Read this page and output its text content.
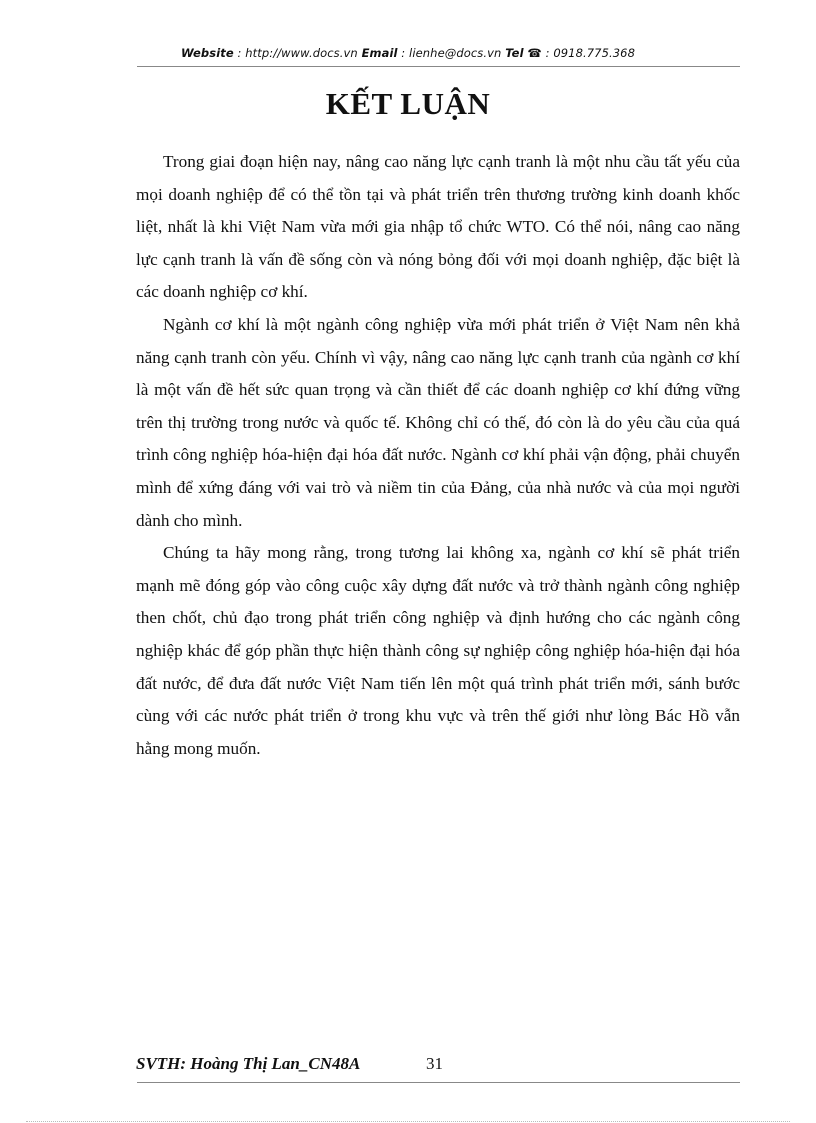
Website : http://www.docs.vn Email : lienhe@docs.vn Tel ☎ : 0918.775.368
KẾT LUẬN

Trong giai đoạn hiện nay, nâng cao năng lực cạnh tranh là một nhu cầu tất yếu của mọi doanh nghiệp để có thể tồn tại và phát triển trên thương trường kinh doanh khốc liệt, nhất là khi Việt Nam vừa mới gia nhập tổ chức WTO. Có thể nói, nâng cao năng lực cạnh tranh là vấn đề sống còn và nóng bỏng đối với mọi doanh nghiệp, đặc biệt là các doanh nghiệp cơ khí.

Ngành cơ khí là một ngành công nghiệp vừa mới phát triển ở Việt Nam nên khả năng cạnh tranh còn yếu. Chính vì vậy, nâng cao năng lực cạnh tranh của ngành cơ khí là một vấn đề hết sức quan trọng và cần thiết để các doanh nghiệp cơ khí đứng vững trên thị trường trong nước và quốc tế. Không chỉ có thế, đó còn là do yêu cầu của quá trình công nghiệp hóa-hiện đại hóa đất nước. Ngành cơ khí phải vận động, phải chuyển mình để xứng đáng với vai trò và niềm tin của Đảng, của nhà nước và của mọi người dành cho mình.

Chúng ta hãy mong rằng, trong tương lai không xa, ngành cơ khí sẽ phát triển mạnh mẽ đóng góp vào công cuộc xây dựng đất nước và trở thành ngành công nghiệp then chốt, chủ đạo trong phát triển công nghiệp và định hướng cho các ngành công nghiệp khác để góp phần thực hiện thành công sự nghiệp công nghiệp hóa-hiện đại hóa đất nước, để đưa đất nước Việt Nam tiến lên một quá trình phát triển mới, sánh bước cùng với các nước phát triển ở trong khu vực và trên thế giới như lòng Bác Hồ vẫn hằng mong muốn.

SVTH: Hoàng Thị Lan_CN48A	31
